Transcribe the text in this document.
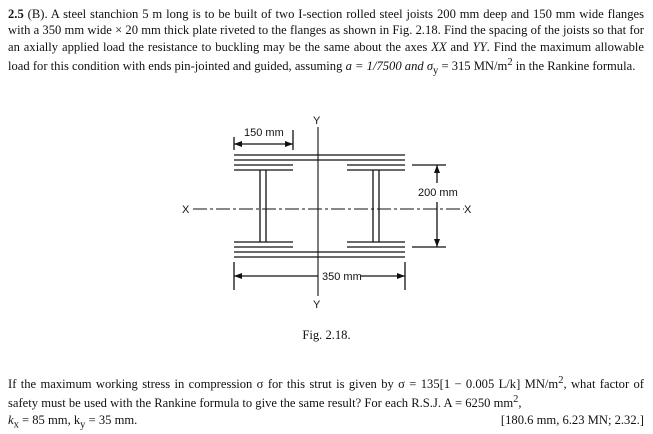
2.5 (B). A steel stanchion 5 m long is to be built of two I-section rolled steel joists 200 mm deep and 150 mm wide flanges with a 350 mm wide × 20 mm thick plate riveted to the flanges as shown in Fig. 2.18. Find the spacing of the joists so that for an axially applied load the resistance to buckling may be the same about the axes XX and YY. Find the maximum allowable load for this condition with ends pin-jointed and guided, assuming a = 1/7500 and $\sigma_y = 315$ $MN/m^2$ in the Rankine formula.
150 mm
200 mm
350 mm
Y
Y
X	X
Fig. 2.18.
If the maximum working stress in compression σ for this strut is given by σ = 135[1 − 0.005 L/k] $MN/m^2$, what factor of safety must be used with the Rankine formula to give the same result? For each R.S.J. A = 6250 $mm^2$,
$k_x = 85$ mm, $k_y = 35$ mm.	[180.6 mm, 6.23 MN; 2.32.]
